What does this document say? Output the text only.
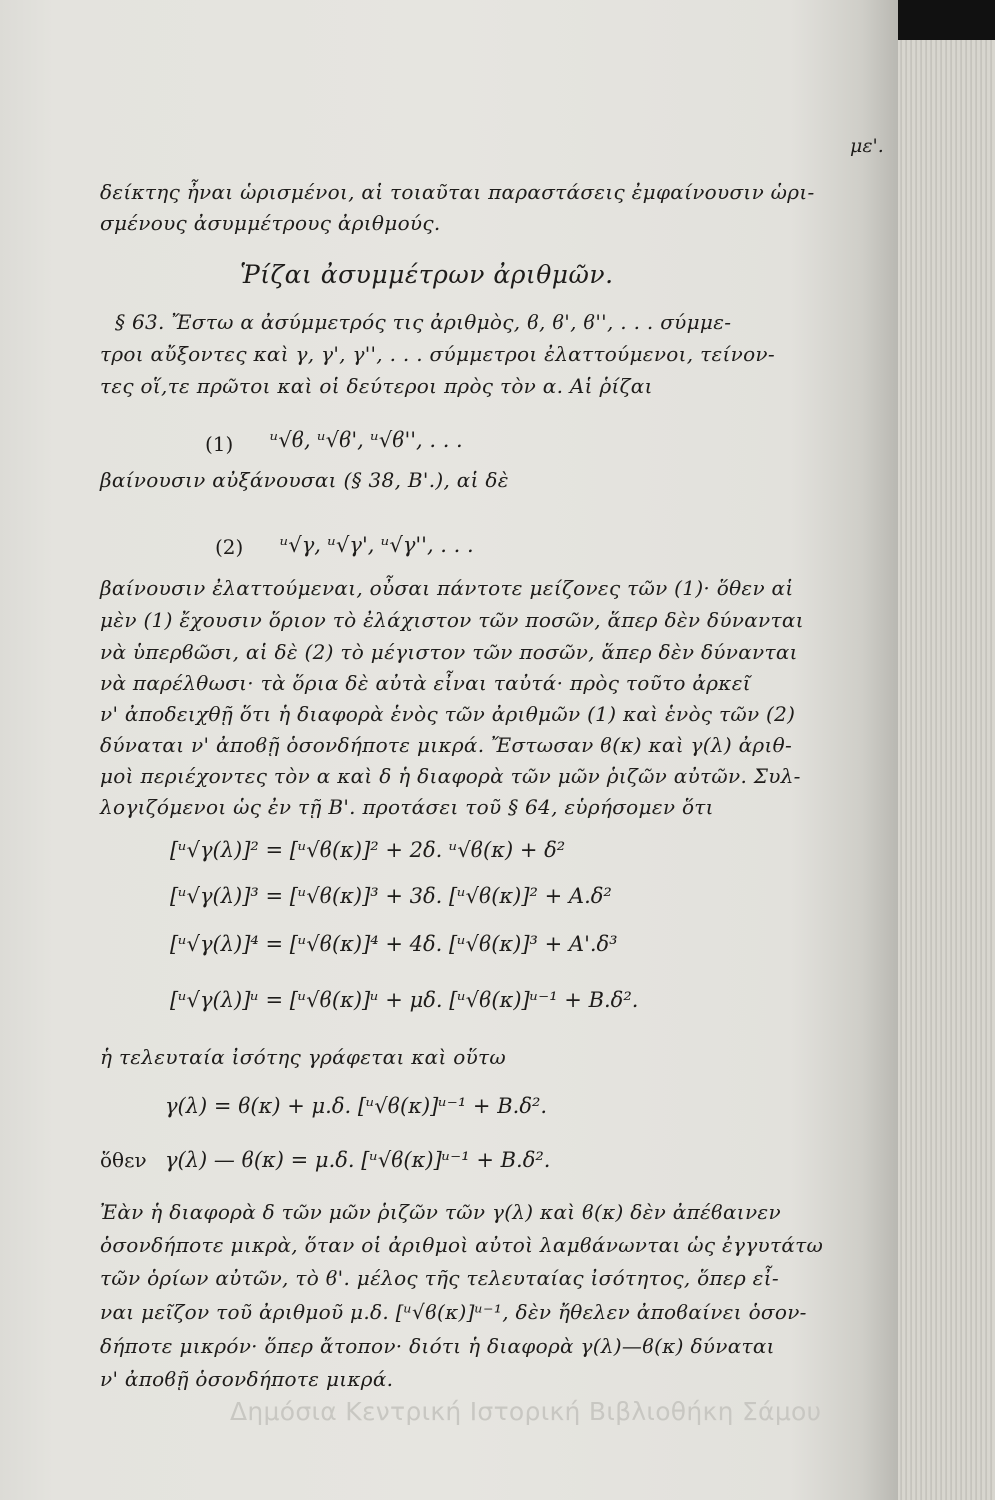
με'.
δείκτης ἦναι ὡρισμένοι, αἱ τοιαῦται παραστάσεις ἐμφαίνουσιν ὡρι-
σμένους ἀσυμμέτρους ἀριθμούς.
Ῥίζαι ἀσυμμέτρων ἀριθμῶν.
§ 63. Ἔστω α ἀσύμμετρός τις ἀριθμὸς, ϐ, ϐ', ϐ'', . . . σύμμε-
τροι αὔξοντες καὶ γ, γ', γ'', . . . σύμμετροι ἐλαττούμενοι, τείνον-
τες οἵ,τε πρῶτοι καὶ οἱ δεύτεροι πρὸς τὸν α. Αἱ ῥίζαι
(1) ᵘ√ϐ, ᵘ√ϐ', ᵘ√ϐ'', . . .
βαίνουσιν αὐξάνουσαι (§ 38, Β'.), αἱ δὲ
(2) ᵘ√γ, ᵘ√γ', ᵘ√γ'', . . .
βαίνουσιν ἐλαττούμεναι, οὖσαι πάντοτε μείζονες τῶν (1)· ὅθεν αἱ
μὲν (1) ἔχουσιν ὅριον τὸ ἐλάχιστον τῶν ποσῶν, ἅπερ δὲν δύνανται
νὰ ὑπερϐῶσι, αἱ δὲ (2) τὸ μέγιστον τῶν ποσῶν, ἅπερ δὲν δύνανται
νὰ παρέλθωσι· τὰ ὅρια δὲ αὐτὰ εἶναι ταὐτά· πρὸς τοῦτο ἀρκεῖ
ν' ἀποδειχθῇ ὅτι ἡ διαφορὰ ἑνὸς τῶν ἀριθμῶν (1) καὶ ἑνὸς τῶν (2)
δύναται ν' ἀποϐῇ ὁσονδήποτε μικρά. Ἔστωσαν ϐ(κ) καὶ γ(λ) ἀριθ-
μοὶ περιέχοντες τὸν α καὶ δ ἡ διαφορὰ τῶν μῶν ῥιζῶν αὐτῶν. Συλ-
λογιζόμενοι ὡς ἐν τῇ Β'. προτάσει τοῦ § 64, εὑρήσομεν ὅτι
[ᵘ√γ(λ)]² = [ᵘ√ϐ(κ)]² + 2δ. ᵘ√ϐ(κ) + δ²
[ᵘ√γ(λ)]³ = [ᵘ√ϐ(κ)]³ + 3δ. [ᵘ√ϐ(κ)]² + Α.δ²
[ᵘ√γ(λ)]⁴ = [ᵘ√ϐ(κ)]⁴ + 4δ. [ᵘ√ϐ(κ)]³ + Α'.δ³
[ᵘ√γ(λ)]ᵘ = [ᵘ√ϐ(κ)]ᵘ + μδ. [ᵘ√ϐ(κ)]ᵘ⁻¹ + Β.δ².
ἡ τελευταία ἰσότης γράφεται καὶ οὕτω
γ(λ) = ϐ(κ) + μ.δ. [ᵘ√ϐ(κ)]ᵘ⁻¹ + Β.δ².
ὅθεν γ(λ) — ϐ(κ) = μ.δ. [ᵘ√ϐ(κ)]ᵘ⁻¹ + Β.δ².
Ἐὰν ἡ διαφορὰ δ τῶν μῶν ῥιζῶν τῶν γ(λ) καὶ ϐ(κ) δὲν ἀπέϐαινεν
ὁσονδήποτε μικρὰ, ὅταν οἱ ἀριθμοὶ αὐτοὶ λαμϐάνωνται ὡς ἐγγυτάτω
τῶν ὁρίων αὐτῶν, τὸ ϐ'. μέλος τῆς τελευταίας ἰσότητος, ὅπερ εἶ-
ναι μεῖζον τοῦ ἀριθμοῦ μ.δ. [ᵘ√ϐ(κ)]ᵘ⁻¹, δὲν ἤθελεν ἀποϐαίνει ὁσον-
δήποτε μικρόν· ὅπερ ἄτοπον· διότι ἡ διαφορὰ γ(λ)—ϐ(κ) δύναται
ν' ἀποϐῇ ὁσονδήποτε μικρά.
Δημόσια Κεντρική Ιστορική Βιβλιοθήκη Σάμου
